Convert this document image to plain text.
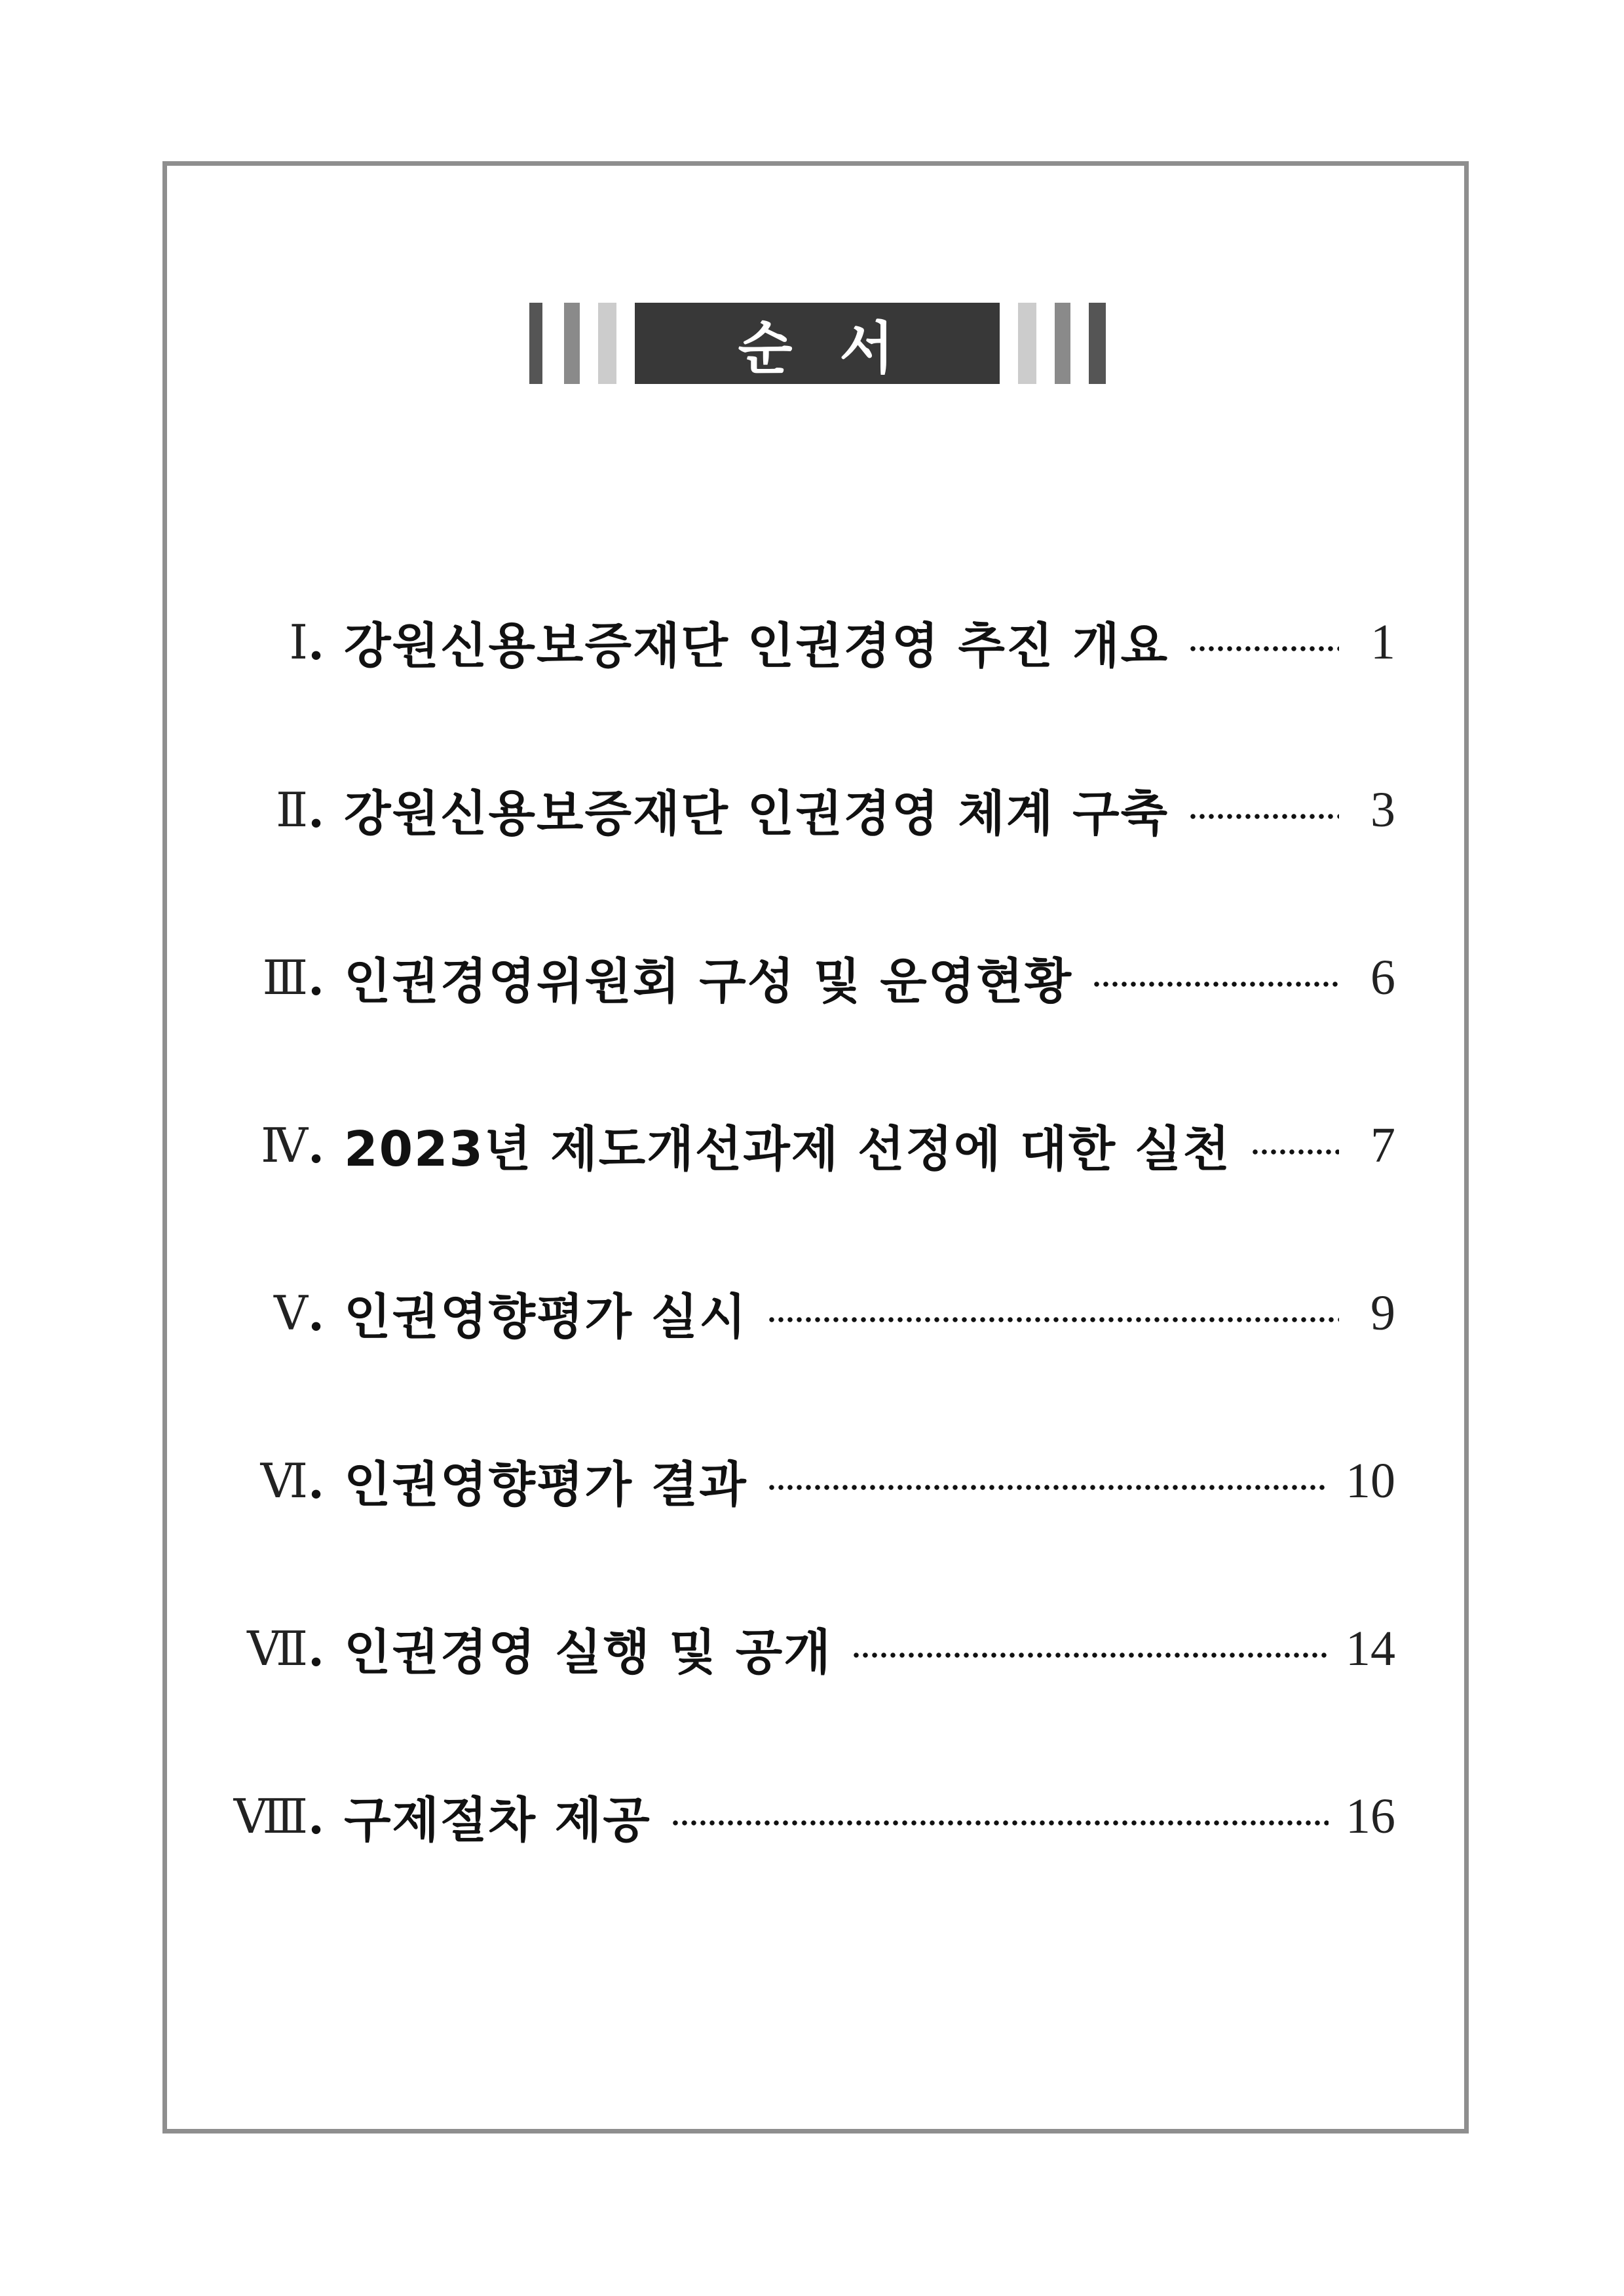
순  서
Ⅰ . 강원신용보증재단 인권경영 추진 개요	1
Ⅱ . 강원신용보증재단 인권경영 체계 구축	3
Ⅲ . 인권경영위원회 구성 및 운영현황	6
Ⅳ . 2023년 제도개선과제 선정에 대한 실천	7
Ⅴ . 인권영향평가 실시	9
Ⅵ . 인권영향평가 결과	10
Ⅶ . 인권경영 실행 및 공개	14
Ⅷ . 구제절차 제공	16
